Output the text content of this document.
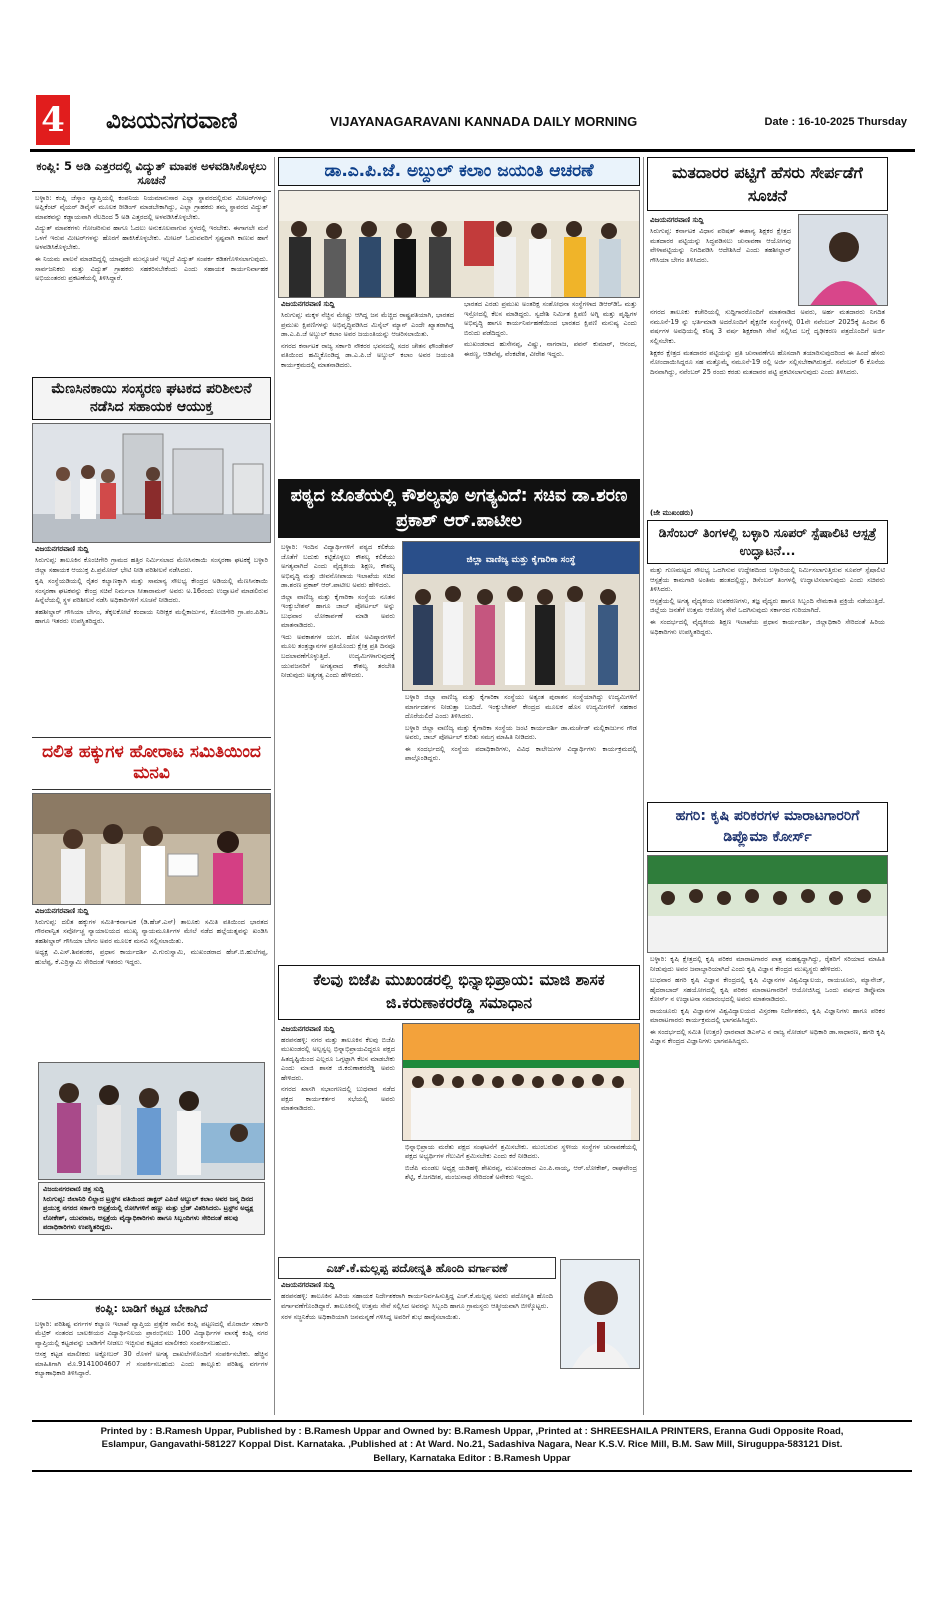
4 ವಿಜಯನಗರವಾಣಿ	VIJAYANAGARAVANI KANNADA DAILY MORNING	Date : 16-10-2025 Thursday
ಕಂಪ್ಲಿ: 5 ಅಡಿ ಎತ್ತರದಲ್ಲಿ ವಿದ್ಯುತ್ ಮಾಪಕ ಅಳವಡಿಸಿಕೊಳ್ಳಲು ಸೂಚನೆ

ಬಳ್ಳಾರಿ: ಕಂಪ್ಲಿ ಜೆಸ್ಕಾಂ ವ್ಯಾಪ್ತಿಯಲ್ಲಿ ಕಂಪನಿಯ ನಿಯಮಾನುಸಾರ ಎಲ್ಲಾ ಸ್ಥಾವರದಲ್ಲಿರುವ ಮೀಟರ್‌ಗಳನ್ನು ಅಪ್ಲಿಕೆಂಟ್ ವೈಯರ್ ಡಿವೈಸ್ ಮೂಲಕ ರೀಡಿಂಗ್ ಮಾಡಬೇಕಾಗಿದ್ದು, ಎಲ್ಲಾ ಗ್ರಾಹಕರು ತಮ್ಮ ಸ್ಥಾವರದ ವಿದ್ಯುತ್ ಮಾಪಕವನ್ನು ಕಡ್ಡಾಯವಾಗಿ ನೆಲದಿಂದ 5 ಅಡಿ ಎತ್ತರದಲ್ಲಿ ಅಳವಡಿಸಿಕೊಳ್ಳಬೇಕು.

ವಿದ್ಯುತ್ ಮಾಪಕಗಳು ಗೋಚರಿಸುವ ಹಾಗೂ ಓದಲು ಅನುಕೂಲವಾಗುವ ಸ್ಥಳದಲ್ಲಿ ಇರಬೇಕು. ಈಗಾಗಲೇ ಮನೆ ಒಳಗೆ ಇರುವ ಮೀಟರ್‌ಗಳನ್ನು ಹೊರಗೆ ಹಾಕಿಸಿಕೊಳ್ಳಬೇಕು. ಮೀಟರ್ ಓದುವವರಿಗೆ ಸ್ಪಷ್ಟವಾಗಿ ಕಾಣುವ ಹಾಗೆ ಅಳವಡಿಸಿಕೊಳ್ಳಬೇಕು.

ಈ ನಿಯಮ ಪಾಲನೆ ಮಾಡದಿದ್ದಲ್ಲಿ ಯಾವುದೇ ಮುನ್ಸೂಚನೆ ಇಲ್ಲದೆ ವಿದ್ಯುತ್ ಸಂಪರ್ಕ ಕಡಿತಗೊಳಿಸಲಾಗುವುದು. ಸಾರ್ವಜನಿಕರು ಮತ್ತು ವಿದ್ಯುತ್ ಗ್ರಾಹಕರು ಸಹಕರಿಸಬೇಕೆಂದು ಎಂದು ಸಹಾಯಕ ಕಾರ್ಯನಿರ್ವಾಹಕ ಅಭಿಯಂತರರು ಪ್ರಕಟಣೆಯಲ್ಲಿ ತಿಳಿಸಿದ್ದಾರೆ.

ಮೆಣಸಿನಕಾಯಿ ಸಂಸ್ಕರಣ ಘಟಕದ ಪರಿಶೀಲನೆ ನಡೆಸಿದ ಸಹಾಯಕ ಆಯುಕ್ತ
ವಿಜಯನಗರವಾಣಿ ಸುದ್ದಿ

ಸಿರುಗುಪ್ಪ: ತಾಲೂಕಿನ ಕೊಂಚಿಗೇರಿ ಗ್ರಾಮದ ಹತ್ತಿರ ನಿರ್ಮಿಸಲಾದ ಮೆಣಸಿನಕಾಯಿ ಸಂಸ್ಕರಣಾ ಘಟಕಕ್ಕೆ ಬಳ್ಳಾರಿ ಜಿಲ್ಲಾ ಸಹಾಯಕ ಆಯುಕ್ತ ಪಿ.ಪ್ರಮೋದ್ ಭೇಟಿ ನೀಡಿ ಪರಿಶೀಲನೆ ನಡೆಸಿದರು.

ಕೃಷಿ ಸಂಸ್ಥೆಯಡಿಯಲ್ಲಿ ರೈತರ ಕಲ್ಯಾಣಕ್ಕಾಗಿ ಮತ್ತು ಸಾಮಾನ್ಯ ಸೌಲಭ್ಯ ಕೇಂದ್ರದ ಅಡಿಯಲ್ಲಿ ಮೆಣಸಿನಕಾಯಿ ಸಂಸ್ಕರಣಾ ಘಟಕವನ್ನು ಕೇಂದ್ರ ಸಚಿವೆ ನಿರ್ಮಲಾ ಸೀತಾರಾಮನ್ ಅವರು ಅ.16ರಂದು ಉದ್ಘಾಟನೆ ಮಾಡಲಿರುವ ಹಿನ್ನೆಲೆಯಲ್ಲಿ ಸ್ಥಳ ಪರಿಶೀಲನೆ ನಡೆಸಿ ಅಧಿಕಾರಿಗಳಿಗೆ ಸೂಚನೆ ನೀಡಿದರು.

ತಹಶೀಲ್ದಾರ್ ಗೌಸಿಯಾ ಬೇಗಂ, ತೆಕ್ಕಲಕೋಟೆ ಕಂದಾಯ ನಿರೀಕ್ಷಕ ಮಲ್ಲಿಕಾರ್ಜುನ, ಕೊಂಚಿಗೇರಿ ಗ್ರಾ.ಪಂ.ಪಿಡಿಒ ಹಾಗೂ ಇತರರು ಉಪಸ್ಥಿತರಿದ್ದರು.

ದಲಿತ ಹಕ್ಕುಗಳ ಹೋರಾಟ ಸಮಿತಿಯಿಂದ ಮನವಿ
ವಿಜಯನಗರವಾಣಿ ಸುದ್ದಿ

ಸಿರುಗುಪ್ಪ: ದಲಿತ ಹಕ್ಕುಗಳ ಸಮಿತಿ-ಕರ್ನಾಟಕ (ಡಿ.ಹೆಚ್.ಎಸ್) ತಾಲೂಕು ಸಮಿತಿ ವತಿಯಿಂದ ಭಾರತದ ಗೌರವಾನ್ವಿತ ಸರ್ವೋಚ್ಚ ನ್ಯಾಯಾಲಯದ ಮುಖ್ಯ ನ್ಯಾಯಮೂರ್ತಿಗಳ ಮೇಲೆ ನಡೆದ ಹಲ್ಲೆಯತ್ನವನ್ನು ಖಂಡಿಸಿ ತಹಶೀಲ್ದಾರ್ ಗೌಸಿಯಾ ಬೇಗಂ ಅವರ ಮೂಲಕ ಮನವಿ ಸಲ್ಲಿಸಲಾಯಿತು.

ಅಧ್ಯಕ್ಷ ವಿ.ಎಸ್.ಶಿವಶಂಕರ, ಪ್ರಧಾನ ಕಾರ್ಯದರ್ಶಿ ವಿ.ಗುರುಸ್ವಾಮಿ, ಮುಖಂಡರಾದ ಹೆಚ್.ಬಿ.ಹುಲೆಗಪ್ಪ, ಹುಲೆಪ್ಪ, ಕೆ.ಎರ್ರಿಸ್ವಾಮಿ ಸೇರಿದಂತೆ ಇತರರು ಇದ್ದರು.

ವಿಜಯನಗರವಾಣಿ ಚಿತ್ರ ಸುದ್ದಿ
ಸಿರುಗುಪ್ಪ: ಜಿಲಾನಿರಿ ಲಿಲ್ಲಾದ ಟ್ರಸ್ಟ್‌ನ ವತಿಯಿಂದ ಡಾಕ್ಟರ್ ಎಪಿಜೆ ಅಬ್ದುಲ್ ಕಲಾಂ ಅವರ ಜನ್ಮ ದಿನದ ಪ್ರಯುಕ್ತ ನಗರದ ಸರ್ಕಾರಿ ಆಸ್ಪತ್ರೆಯಲ್ಲಿ ರೋಗಿಗಳಿಗೆ ಹಣ್ಣು ಮತ್ತು ಬ್ರೆಡ್ ವಿತರಿಸಿದರು. ಟ್ರಸ್ಟ್‌ನ ಅಧ್ಯಕ್ಷ ಲೋಕೇಶ್, ಯುವರಾಜ, ಆಸ್ಪತ್ರೆಯ ವೈದ್ಯಾಧಿಕಾರಿಗಳು ಹಾಗೂ ಸಿಬ್ಬಂದಿಗಳು ಸೇರಿದಂತೆ ಹಲವು ಪದಾಧಿಕಾರಿಗಳು ಉಪಸ್ಥಿತರಿದ್ದರು.
ಕಂಪ್ಲಿ: ಬಾಡಿಗೆ ಕಟ್ಟಡ ಬೇಕಾಗಿದೆ

ಬಳ್ಳಾರಿ: ಪರಿಶಿಷ್ಟ ವರ್ಗಗಳ ಕಲ್ಯಾಣ ಇಲಾಖೆ ವ್ಯಾಪ್ತಿಯ ಪ್ರತ್ಯೇಕ ಸಾಲಿನ ಕಂಪ್ಲಿ ಪಟ್ಟಣದಲ್ಲಿ ಮೊರಾರ್ಜಿ ಸರ್ಕಾರಿ ಮೆಟ್ರಿಕ್ ನಂತರದ ಬಾಲಕೀಯರ ವಿದ್ಯಾರ್ಥಿನಿಲಯ ಪ್ರಾರಂಭಿಸಲು 100 ವಿದ್ಯಾರ್ಥಿಗಳ ವಾಸಕ್ಕೆ ಕಂಪ್ಲಿ ನಗರ ವ್ಯಾಪ್ತಿಯಲ್ಲಿ ಕಟ್ಟಡವನ್ನು ಬಾಡಿಗೆಗೆ ನೀಡಲು ಇಚ್ಛಿಸುವ ಕಟ್ಟಡದ ಮಾಲೀಕರು ಸಂಪರ್ಕಿಸಬಹುದು.

ಆಸಕ್ತ ಕಟ್ಟಡ ಮಾಲೀಕರು ಅಕ್ಟೋಬರ್ 30 ರೊಳಗೆ ಅಗತ್ಯ ದಾಖಲೆಗಳೊಂದಿಗೆ ಸಂಪರ್ಕಿಸಬೇಕು. ಹೆಚ್ಚಿನ ಮಾಹಿತಿಗಾಗಿ ಮೊ.9141004607 ಗೆ ಸಂಪರ್ಕಿಸಬಹುದು ಎಂದು ತಾಲ್ಲೂಕು ಪರಿಶಿಷ್ಟ ವರ್ಗಗಳ ಕಲ್ಯಾಣಾಧಿಕಾರಿ ತಿಳಿಸಿದ್ದಾರೆ.

ಡಾ.ಎ.ಪಿ.ಜೆ. ಅಬ್ದುಲ್ ಕಲಾಂ ಜಯಂತಿ ಆಚರಣೆ
ವಿಜಯನಗರವಾಣಿ ಸುದ್ದಿ

ಸಿರುಗುಪ್ಪ: ಮಕ್ಕಳ ನೆಚ್ಚಿನ ಮೇಷ್ಟ್ರು ಆಗಿದ್ದ ಜನ ಮೆಚ್ಚಿದ ರಾಷ್ಟ್ರಪತಿಯಾಗಿ, ಭಾರತದ ಪ್ರಮುಖ ಕ್ಷಿಪಣಿಗಳನ್ನು ಅಭಿವೃದ್ಧಿಪಡಿಸಿದ ಮಿಸೈಲ್ ಮ್ಯಾನ್ ಎಂದೇ ಖ್ಯಾತರಾಗಿದ್ದ ಡಾ.ಎ.ಪಿ.ಜೆ ಅಬ್ದುಲ್ ಕಲಾಂ ಅವರ ಜಯಂತಿಯನ್ನು ಆಚರಿಸಲಾಯಿತು.

ನಗರದ ಕರ್ನಾಟಕ ರಾಜ್ಯ ಸರ್ಕಾರಿ ನೌಕರರ ಭವನದಲ್ಲಿ ಸದರ ಚೇತನ ಫೌಂಡೇಶನ್ ವತಿಯಿಂದ ಹಮ್ಮಿಕೊಂಡಿದ್ದ ಡಾ.ಎ.ಪಿ.ಜೆ ಅಬ್ದುಲ್ ಕಲಾಂ ಅವರ ಜಯಂತಿ ಕಾರ್ಯಕ್ರಮದಲ್ಲಿ ಮಾತನಾಡಿದರು.

ಭಾರತದ ಎರಡು ಪ್ರಮುಖ ಅಂತರಿಕ್ಷ ಸಂಶೋಧನಾ ಸಂಸ್ಥೆಗಳಾದ ಡಿಆರ್‌ಡಿಓ ಮತ್ತು ಇಸ್ರೋದಲ್ಲಿ ಕೆಲಸ ಮಾಡಿದ್ದರು. ಸ್ವದೇಶಿ ನಿರ್ಮಿತ ಕ್ಷಿಪಣಿ ಅಗ್ನಿ ಮತ್ತು ಪೃಥ್ವಿಗಳ ಅಭಿವೃದ್ಧಿ ಹಾಗೂ ಕಾರ್ಯನಿರ್ವಹಣೆಯಿಂದ ಭಾರತದ ಕ್ಷಿಪಣಿ ಮನುಷ್ಯ ಎಂದು ಬಿರುದು ಪಡೆದಿದ್ದರು.

ಮುಖಂಡರಾದ ಹುಸೇನಪ್ಪ, ವಿಷ್ಣು, ನಾಗರಾಜ, ಪವನ್ ಕುಮಾರ್, ಆನಂದ, ಈರಣ್ಣ, ಆಡಿವೆಪ್ಪ, ವೆಂಕಟೇಶ, ವೀರೇಶ ಇದ್ದರು.

ಪಠ್ಯದ ಜೊತೆಯಲ್ಲಿ ಕೌಶಲ್ಯವೂ ಅಗತ್ಯವಿದೆ: ಸಚಿವ ಡಾ.ಶರಣ ಪ್ರಕಾಶ್ ಆರ್.ಪಾಟೀಲ

ಬಳ್ಳಾರಿ: ಇಂದಿನ ವಿದ್ಯಾರ್ಥಿಗಳಿಗೆ ಪಠ್ಯದ ಕಲಿಕೆಯ ಜೊತೆಗೆ ಬದುಕು ಕಟ್ಟಿಕೊಳ್ಳಲು ಕೌಶಲ್ಯ ಕಲಿಕೆಯು ಅಗತ್ಯವಾಗಿದೆ ಎಂದು ವೈದ್ಯಕೀಯ ಶಿಕ್ಷಣ, ಕೌಶಲ್ಯ ಅಭಿವೃದ್ಧಿ ಮತ್ತು ಜೀವನೋಪಾಯ ಇಲಾಖೆಯ ಸಚಿವ ಡಾ.ಶರಣ ಪ್ರಕಾಶ್ ಆರ್.ಪಾಟೀಲ ಅವರು ಹೇಳಿದರು.

ಜಿಲ್ಲಾ ವಾಣಿಜ್ಯ ಮತ್ತು ಕೈಗಾರಿಕಾ ಸಂಸ್ಥೆಯ ನೂತನ ಇಂಕ್ಯುಬೇಶನ್ ಹಾಗೂ ಜಾಬ್ ಪೋರ್ಟಲ್ ಅನ್ನು ಬುಧವಾರ ಲೋಕಾರ್ಪಣೆ ಮಾಡಿ ಅವರು ಮಾತನಾಡಿದರು.

ಇದು ಅವಕಾಶಗಳ ಯುಗ. ಹೊಸ ಅವಿಷ್ಕಾರಗಳಿಗೆ ಮೂಲ ತಂತ್ರಜ್ಞಾನಗಳ ಪ್ರತಿಯೊಂದು ಕ್ಷೇತ್ರ ಪ್ರತಿ ದಿನವೂ ಬದಲಾವಣೆಗೊಳ್ಳುತ್ತಿದೆ. ಉದ್ಯಮಿಗಳಾಗುವುದಕ್ಕೆ ಯುವಜನರಿಗೆ ಅಗತ್ಯವಾದ ಕೌಶಲ್ಯ ತರಬೇತಿ ನೀಡುವುದು ಅತ್ಯಗತ್ಯ ಎಂದು ಹೇಳಿದರು.

ಜಿಲ್ಲಾ ವಾಣಿಜ್ಯ ಮತ್ತು ಕೈಗಾರಿಕಾ ಸಂಸ್ಥೆ

ಬಳ್ಳಾರಿ ಜಿಲ್ಲಾ ವಾಣಿಜ್ಯ ಮತ್ತು ಕೈಗಾರಿಕಾ ಸಂಸ್ಥೆಯು ಅತ್ಯಂತ ಪುರಾತನ ಸಂಸ್ಥೆಯಾಗಿದ್ದು ಉದ್ಯಮಿಗಳಿಗೆ ಮಾರ್ಗದರ್ಶನ ನೀಡುತ್ತಾ ಬಂದಿದೆ. ಇಂಕ್ಯುಬೇಶನ್ ಕೇಂದ್ರದ ಮೂಲಕ ಹೊಸ ಉದ್ಯಮಿಗಳಿಗೆ ಸಹಕಾರ ದೊರೆಯಲಿದೆ ಎಂದು ತಿಳಿಸಿದರು.

ಬಳ್ಳಾರಿ ಜಿಲ್ಲಾ ವಾಣಿಜ್ಯ ಮತ್ತು ಕೈಗಾರಿಕಾ ಸಂಸ್ಥೆಯ ಜಂಟಿ ಕಾರ್ಯದರ್ಶಿ ಡಾ.ಮರ್ಚೆಡ್ ಮಲ್ಲಿಕಾರ್ಜುನ ಗೌಡ ಅವರು, ಜಾಬ್ ಪೋರ್ಟಲ್ ಕುರಿತು ಸಮಗ್ರ ಮಾಹಿತಿ ನೀಡಿದರು.

ಈ ಸಂದರ್ಭದಲ್ಲಿ ಸಂಸ್ಥೆಯ ಪದಾಧಿಕಾರಿಗಳು, ವಿವಿಧ ಕಾಲೇಜುಗಳ ವಿದ್ಯಾರ್ಥಿಗಳು ಕಾರ್ಯಕ್ರಮದಲ್ಲಿ ಪಾಲ್ಗೊಂಡಿದ್ದರು.

ಕೆಲವು ಬಿಜೆಪಿ ಮುಖಂಡರಲ್ಲಿ ಭಿನ್ನಾಭಿಪ್ರಾಯ: ಮಾಜಿ ಶಾಸಕ ಜಿ.ಕರುಣಾಕರರೆಡ್ಡಿ ಸಮಾಧಾನ
ವಿಜಯನಗರವಾಣಿ ಸುದ್ದಿ

ಹರಪನಹಳ್ಳಿ: ನಗರ ಮತ್ತು ತಾಲೂಕಿನ ಕೆಲವು ಬಿಜೆಪಿ ಮುಖಂಡರಲ್ಲಿ ಅಲ್ಪಸ್ವಲ್ಪ ಭಿನ್ನಾಭಿಪ್ರಾಯವಿದ್ದರೂ ಪಕ್ಷದ ಹಿತದೃಷ್ಟಿಯಿಂದ ಎಲ್ಲರೂ ಒಗ್ಗಟ್ಟಾಗಿ ಕೆಲಸ ಮಾಡಬೇಕು ಎಂದು ಮಾಜಿ ಶಾಸಕ ಜಿ.ಕರುಣಾಕರರೆಡ್ಡಿ ಅವರು ಹೇಳಿದರು.

ನಗರದ ಖಾಸಗಿ ಸಭಾಂಗಣದಲ್ಲಿ ಬುಧವಾರ ನಡೆದ ಪಕ್ಷದ ಕಾರ್ಯಕರ್ತರ ಸಭೆಯಲ್ಲಿ ಅವರು ಮಾತನಾಡಿದರು.

ಭಿನ್ನಾಭಿಪ್ರಾಯ ಮರೆತು ಪಕ್ಷದ ಸಂಘಟನೆಗೆ ಶ್ರಮಿಸಬೇಕು. ಮುಂಬರುವ ಸ್ಥಳೀಯ ಸಂಸ್ಥೆಗಳ ಚುನಾವಣೆಯಲ್ಲಿ ಪಕ್ಷದ ಅಭ್ಯರ್ಥಿಗಳ ಗೆಲುವಿಗೆ ಶ್ರಮಿಸಬೇಕು ಎಂದು ಕರೆ ನೀಡಿದರು.

ಬಿಜೆಪಿ ಮಂಡಲ ಅಧ್ಯಕ್ಷ ಯಡಿಹಳ್ಳಿ ಶೇಖರಪ್ಪ, ಮುಖಂಡರಾದ ಎಂ.ಪಿ.ನಾಯ್ಕ, ಆರ್.ಲೋಕೇಶ್, ರಾಘವೇಂದ್ರ ಶೆಟ್ಟಿ, ಕೆ.ಜಗದೀಶ, ಮಂಜುನಾಥ ಸೇರಿದಂತೆ ಅನೇಕರು ಇದ್ದರು.

ಎಚ್.ಕೆ.ಮಲ್ಲಪ್ಪ ಪದೋನ್ನತಿ ಹೊಂದಿ ವರ್ಗಾವಣೆ
ವಿಜಯನಗರವಾಣಿ ಸುದ್ದಿ

ಹರಪನಹಳ್ಳಿ: ತಾಲೂಕಿನ ಹಿರಿಯ ಸಹಾಯಕ ನಿರ್ದೇಶಕರಾಗಿ ಕಾರ್ಯನಿರ್ವಹಿಸುತ್ತಿದ್ದ ಎಚ್.ಕೆ.ಮಲ್ಲಪ್ಪ ಅವರು ಪದೋನ್ನತಿ ಹೊಂದಿ ವರ್ಗಾವಣೆಗೊಂಡಿದ್ದಾರೆ. ತಾಲೂಕಿನಲ್ಲಿ ಉತ್ತಮ ಸೇವೆ ಸಲ್ಲಿಸಿದ ಅವರನ್ನು ಸಿಬ್ಬಂದಿ ಹಾಗೂ ಗ್ರಾಮಸ್ಥರು ಆತ್ಮೀಯವಾಗಿ ಬೀಳ್ಕೊಟ್ಟರು.

ಸರಳ ಸಜ್ಜನಿಕೆಯ ಅಧಿಕಾರಿಯಾಗಿ ಜನಮನ್ನಣೆ ಗಳಿಸಿದ್ದ ಅವರಿಗೆ ಶುಭ ಹಾರೈಸಲಾಯಿತು.

ಮತದಾರರ ಪಟ್ಟಿಗೆ ಹೆಸರು ಸೇರ್ಪಡೆಗೆ ಸೂಚನೆ
ವಿಜಯನಗರವಾಣಿ ಸುದ್ದಿ

ಸಿರುಗುಪ್ಪ: ಕರ್ನಾಟಕ ವಿಧಾನ ಪರಿಷತ್ ಈಶಾನ್ಯ ಶಿಕ್ಷಕರ ಕ್ಷೇತ್ರದ ಮತದಾರರ ಪಟ್ಟಿಯನ್ನು ಸಿದ್ಧಪಡಿಸಲು ಚುನಾವಣಾ ಆಯೋಗವು ವೇಳಾಪಟ್ಟಿಯನ್ನು ನಿಗದಿಪಡಿಸಿ ಆದೇಶಿಸಿದೆ ಎಂದು ತಹಶೀಲ್ದಾರ್ ಗೌಸಿಯಾ ಬೇಗಂ ತಿಳಿಸಿದರು.

ನಗರದ ತಾಲೂಕು ಕಚೇರಿಯಲ್ಲಿ ಸುದ್ದಿಗಾರರೊಂದಿಗೆ ಮಾತನಾಡಿದ ಅವರು, ಅರ್ಹ ಮತದಾರರು ನಿಗದಿತ ನಮೂನೆ-19 ನ್ನು ಭರ್ತಿಮಾಡಿ ಅದರೊಂದಿಗೆ ಶೈಕ್ಷಣಿಕ ಸಂಸ್ಥೆಗಳಲ್ಲಿ 01ನೇ ನವೆಂಬರ್ 2025ಕ್ಕೆ ಹಿಂದಿನ 6 ವರ್ಷಗಳ ಅವಧಿಯಲ್ಲಿ ಕನಿಷ್ಠ 3 ವರ್ಷ ಶಿಕ್ಷಕರಾಗಿ ಸೇವೆ ಸಲ್ಲಿಸಿದ ಬಗ್ಗೆ ದೃಢೀಕರಣ ಪತ್ರದೊಂದಿಗೆ ಅರ್ಜಿ ಸಲ್ಲಿಸಬೇಕು.

ಶಿಕ್ಷಕರ ಕ್ಷೇತ್ರದ ಮತದಾರರ ಪಟ್ಟಿಯನ್ನು ಪ್ರತಿ ಚುನಾವಣೆಗೂ ಹೊಸದಾಗಿ ತಯಾರಿಸುವುದರಿಂದ ಈ ಹಿಂದೆ ಹೆಸರು ನೋಂದಾಯಿಸಿದ್ದರೂ ಸಹ ಮತ್ತೊಮ್ಮೆ ನಮೂನೆ-19 ರಲ್ಲಿ ಅರ್ಜಿ ಸಲ್ಲಿಸಬೇಕಾಗಿರುತ್ತದೆ. ನವೆಂಬರ್ 6 ಕೊನೆಯ ದಿನವಾಗಿದ್ದು, ನವೆಂಬರ್ 25 ರಂದು ಕರಡು ಮತದಾರರ ಪಟ್ಟಿ ಪ್ರಕಟಿಸಲಾಗುವುದು ಎಂದು ತಿಳಿಸಿದರು.

(ಜೇ ಮುಖಂಡರು)
ಡಿಸೆಂಬರ್ ತಿಂಗಳಲ್ಲಿ ಬಳ್ಳಾರಿ ಸೂಪರ್ ಸ್ಪೆಷಾಲಿಟಿ ಆಸ್ಪತ್ರೆ ಉದ್ಘಾಟನೆ...

ಮತ್ತು ಗುಣಮಟ್ಟದ ಸೌಲಭ್ಯ ಒದಗಿಸುವ ಉದ್ದೇಶದಿಂದ ಬಳ್ಳಾರಿಯಲ್ಲಿ ನಿರ್ಮಿಸಲಾಗುತ್ತಿರುವ ಸೂಪರ್ ಸ್ಪೆಷಾಲಿಟಿ ಆಸ್ಪತ್ರೆಯ ಕಾಮಗಾರಿ ಅಂತಿಮ ಹಂತದಲ್ಲಿದ್ದು, ಡಿಸೆಂಬರ್ ತಿಂಗಳಲ್ಲಿ ಉದ್ಘಾಟಿಸಲಾಗುವುದು ಎಂದು ಸಚಿವರು ತಿಳಿಸಿದರು.

ಆಸ್ಪತ್ರೆಯಲ್ಲಿ ಅಗತ್ಯ ವೈದ್ಯಕೀಯ ಉಪಕರಣಗಳು, ತಜ್ಞ ವೈದ್ಯರು ಹಾಗೂ ಸಿಬ್ಬಂದಿ ನೇಮಕಾತಿ ಪ್ರಕ್ರಿಯೆ ನಡೆಯುತ್ತಿದೆ. ಜಿಲ್ಲೆಯ ಜನತೆಗೆ ಉತ್ತಮ ಆರೋಗ್ಯ ಸೇವೆ ಒದಗಿಸುವುದು ಸರ್ಕಾರದ ಗುರಿಯಾಗಿದೆ.

ಈ ಸಂದರ್ಭದಲ್ಲಿ ವೈದ್ಯಕೀಯ ಶಿಕ್ಷಣ ಇಲಾಖೆಯ ಪ್ರಧಾನ ಕಾರ್ಯದರ್ಶಿ, ಜಿಲ್ಲಾಧಿಕಾರಿ ಸೇರಿದಂತೆ ಹಿರಿಯ ಅಧಿಕಾರಿಗಳು ಉಪಸ್ಥಿತರಿದ್ದರು.

ಹಗರಿ: ಕೃಷಿ ಪರಿಕರಗಳ ಮಾರಾಟಗಾರರಿಗೆ ಡಿಪ್ಲೊಮಾ ಕೋರ್ಸ್

ಬಳ್ಳಾರಿ: ಕೃಷಿ ಕ್ಷೇತ್ರದಲ್ಲಿ ಕೃಷಿ ಪರಿಕರ ಮಾರಾಟಗಾರರ ಪಾತ್ರ ಮಹತ್ವದ್ದಾಗಿದ್ದು, ರೈತರಿಗೆ ಸರಿಯಾದ ಮಾಹಿತಿ ನೀಡುವುದು ಅವರ ಜವಾಬ್ದಾರಿಯಾಗಿದೆ ಎಂದು ಕೃಷಿ ವಿಜ್ಞಾನ ಕೇಂದ್ರದ ಮುಖ್ಯಸ್ಥರು ಹೇಳಿದರು.

ಬುಧವಾರ ಹಗರಿ ಕೃಷಿ ವಿಜ್ಞಾನ ಕೇಂದ್ರದಲ್ಲಿ ಕೃಷಿ ವಿಜ್ಞಾನಗಳ ವಿಶ್ವವಿದ್ಯಾಲಯ, ರಾಯಚೂರು, ಮ್ಯಾನೇಜ್, ಹೈದರಾಬಾದ್ ಸಹಯೋಗದಲ್ಲಿ ಕೃಷಿ ಪರಿಕರ ಮಾರಾಟಗಾರರಿಗೆ ಆಯೋಜಿಸಿದ್ದ ಒಂದು ವರ್ಷದ ಡಿಪ್ಲೊಮಾ ಕೋರ್ಸ್ ನ ಉದ್ಘಾಟನಾ ಸಮಾರಂಭದಲ್ಲಿ ಅವರು ಮಾತನಾಡಿದರು.

ರಾಯಚೂರು ಕೃಷಿ ವಿಜ್ಞಾನಗಳ ವಿಶ್ವವಿದ್ಯಾಲಯದ ವಿಸ್ತರಣಾ ನಿರ್ದೇಶಕರು, ಕೃಷಿ ವಿಜ್ಞಾನಿಗಳು ಹಾಗೂ ಪರಿಕರ ಮಾರಾಟಗಾರರು ಕಾರ್ಯಕ್ರಮದಲ್ಲಿ ಭಾಗವಹಿಸಿದ್ದರು.

ಈ ಸಂದರ್ಭದಲ್ಲಿ ಸಮಿತಿ (ಉತ್ತರ) ಧಾರವಾಡ ಡಿಎಸ್‌ಎ ನ ರಾಜ್ಯ ನೋಡಲ್ ಅಧಿಕಾರಿ ಡಾ.ಸಾಧಾರಣ, ಹಗರಿ ಕೃಷಿ ವಿಜ್ಞಾನ ಕೇಂದ್ರದ ವಿಜ್ಞಾನಿಗಳು ಭಾಗವಹಿಸಿದ್ದರು.

Printed by : B.Ramesh Uppar, Published by : B.Ramesh Uppar and Owned by: B.Ramesh Uppar, ,Printed at : SHREESHAILA PRINTERS, Eranna Gudi Opposite Road,
Eslampur, Gangavathi-581227 Koppal Dist. Karnataka. ,Published at : At Ward. No.21, Sadashiva Nagara, Near K.S.V. Rice Mill, B.M. Saw Mill, Siruguppa-583121 Dist.
Bellary, Karnataka Editor : B.Ramesh Uppar
